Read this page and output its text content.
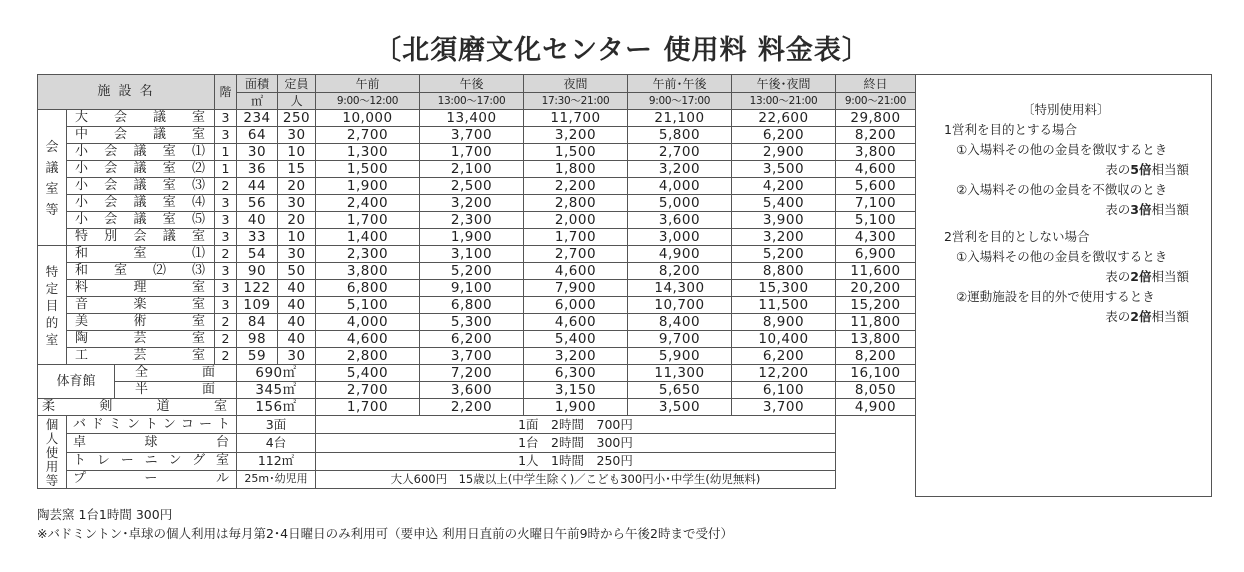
〔北須磨文化センター 使用料 料金表〕
施 設 名			階	面積	定員	午前	午後	夜間	午前･午後	午後･夜間	終日
				㎡	人	9:00～12:00	13:00～17:00	17:30～21:00	9:00～17:00	13:00～21:00	9:00～21:00

会議室等	大会議室		3	234	250	10,000	13,400	11,700	21,100	22,600	29,800
	中会議室		3	64	30	2,700	3,700	3,200	5,800	6,200	8,200
	小会議室⑴		1	30	10	1,300	1,700	1,500	2,700	2,900	3,800
	小会議室⑵		1	36	15	1,500	2,100	1,800	3,200	3,500	4,600
	小会議室⑶		2	44	20	1,900	2,500	2,200	4,000	4,200	5,600
	小会議室⑷		3	56	30	2,400	3,200	2,800	5,000	5,400	7,100
	小会議室⑸		3	40	20	1,700	2,300	2,000	3,600	3,900	5,100
	特別会議室		3	33	10	1,400	1,900	1,700	3,000	3,200	4,300

特定目的室	和室⑴		2	54	30	2,300	3,100	2,700	4,900	5,200	6,900
	和室⑵⑶		3	90	50	3,800	5,200	4,600	8,200	8,800	11,600
	料理室		3	122	40	6,800	9,100	7,900	14,300	15,300	20,200
	音楽室		3	109	40	5,100	6,800	6,000	10,700	11,500	15,200
	美術室		2	84	40	4,000	5,300	4,600	8,400	8,900	11,800
	陶芸室		2	98	40	4,600	6,200	5,400	9,700	10,400	13,800
	工芸室		2	59	30	2,800	3,700	3,200	5,900	6,200	8,200
体育館		全面		690㎡		5,400	7,200	6,300	11,300	12,200	16,100
		半面		345㎡		2,700	3,600	3,150	5,650	6,100	8,050
柔剣道室				156㎡		1,700	2,200	1,900	3,500	3,700	4,900

個人使用等	バドミントンコート			3面		1面　2時間　700円					
	卓球台			4台		1台　2時間　300円					
	トレーニング室			112㎡		1人　1時間　250円					
	プール			25m･幼児用		大人600円　15歳以上(中学生除く)／こども300円小･中学生(幼児無料)					
〔特別使用料〕
1営利を目的とする場合
①入場料その他の金員を徴収するとき
表の5倍相当額
②入場料その他の金員を不徴収のとき
表の3倍相当額
2営利を目的としない場合
①入場料その他の金員を徴収するとき
表の2倍相当額
②運動施設を目的外で使用するとき
表の2倍相当額
陶芸窯 1台1時間 300円
※バドミントン･卓球の個人利用は毎月第2･4日曜日のみ利用可（要申込 利用日直前の火曜日午前9時から午後2時まで受付）
